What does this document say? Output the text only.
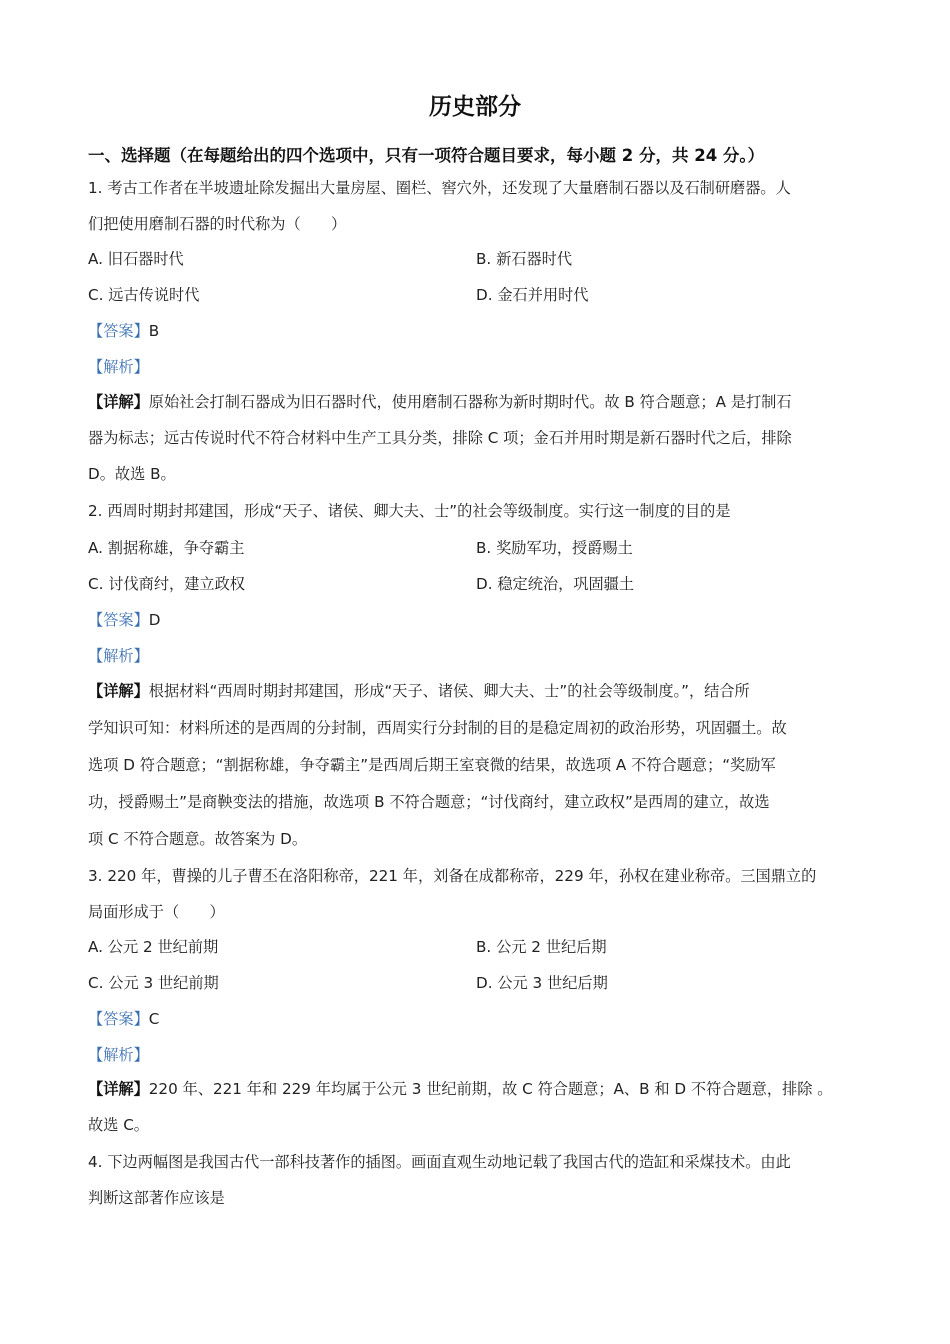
历史部分
一、选择题（在每题给出的四个选项中，只有一项符合题目要求，每小题 2 分，共 24 分。）
1. 考古工作者在半坡遗址除发掘出大量房屋、圈栏、窖穴外，还发现了大量磨制石器以及石制研磨器。人
们把使用磨制石器的时代称为（　　）
A. 旧石器时代	B. 新石器时代
C. 远古传说时代	D. 金石并用时代
【答案】B
【解析】
【详解】原始社会打制石器成为旧石器时代，使用磨制石器称为新时期时代。故 B 符合题意；A 是打制石
器为标志；远古传说时代不符合材料中生产工具分类，排除 C 项；金石并用时期是新石器时代之后，排除
D。故选 B。
2. 西周时期封邦建国，形成“天子、诸侯、卿大夫、士”的社会等级制度。实行这一制度的目的是
A. 割据称雄，争夺霸主	B. 奖励军功，授爵赐土
C. 讨伐商纣，建立政权	D. 稳定统治，巩固疆土
【答案】D
【解析】
【详解】根据材料“西周时期封邦建国，形成“天子、诸侯、卿大夫、士”的社会等级制度。”，结合所
学知识可知：材料所述的是西周的分封制，西周实行分封制的目的是稳定周初的政治形势，巩固疆土。故
选项 D 符合题意；“割据称雄，争夺霸主”是西周后期王室衰微的结果，故选项 A 不符合题意；“奖励军
功，授爵赐土”是商鞅变法的措施，故选项 B 不符合题意；“讨伐商纣，建立政权”是西周的建立，故选
项 C 不符合题意。故答案为 D。
3. 220 年，曹操的儿子曹丕在洛阳称帝，221 年，刘备在成都称帝，229 年，孙权在建业称帝。三国鼎立的
局面形成于（　　）
A. 公元 2 世纪前期	B. 公元 2 世纪后期
C. 公元 3 世纪前期	D. 公元 3 世纪后期
【答案】C
【解析】
【详解】220 年、221 年和 229 年均属于公元 3 世纪前期，故 C 符合题意；A、B 和 D 不符合题意，排除 。
故选 C。
4. 下边两幅图是我国古代一部科技著作的插图。画面直观生动地记载了我国古代的造缸和采煤技术。由此
判断这部著作应该是
